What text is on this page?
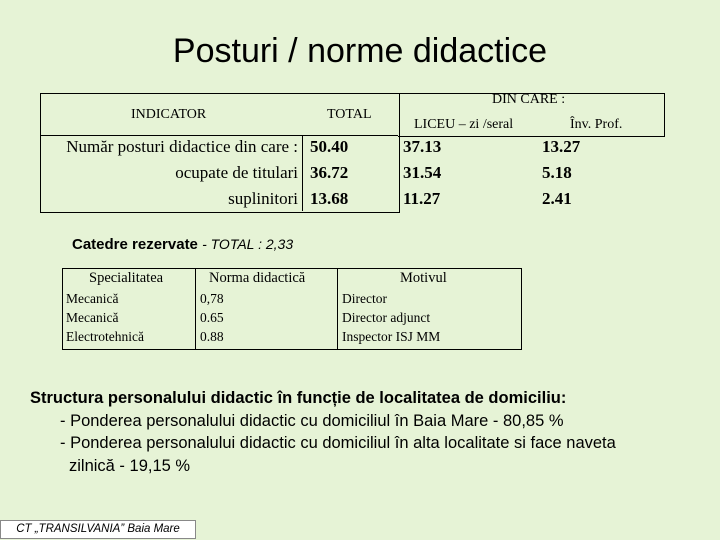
Posturi / norme didactice
INDICATOR	TOTAL
DIN CARE :
LICEU – zi /seral	Înv. Prof.
Număr posturi didactice din care : 50.40	37.13	13.27
ocupate de titulari 36.72	31.54	5.18
suplinitori 13.68	11.27	2.41
Catedre rezervate - TOTAL : 2,33
Specialitatea	Norma didactică	Motivul
Mecanică	0,78	Director
Mecanică	0.65	Director adjunct
Electrotehnică	0.88	Inspector ISJ MM
Structura personalului didactic în funcție de localitatea de domiciliu:
- Ponderea personalului didactic cu domiciliul în Baia Mare - 80,85 %
- Ponderea personalului didactic cu domiciliul în alta localitate si face naveta
zilnică - 19,15 %
CT „TRANSILVANIA” Baia Mare
